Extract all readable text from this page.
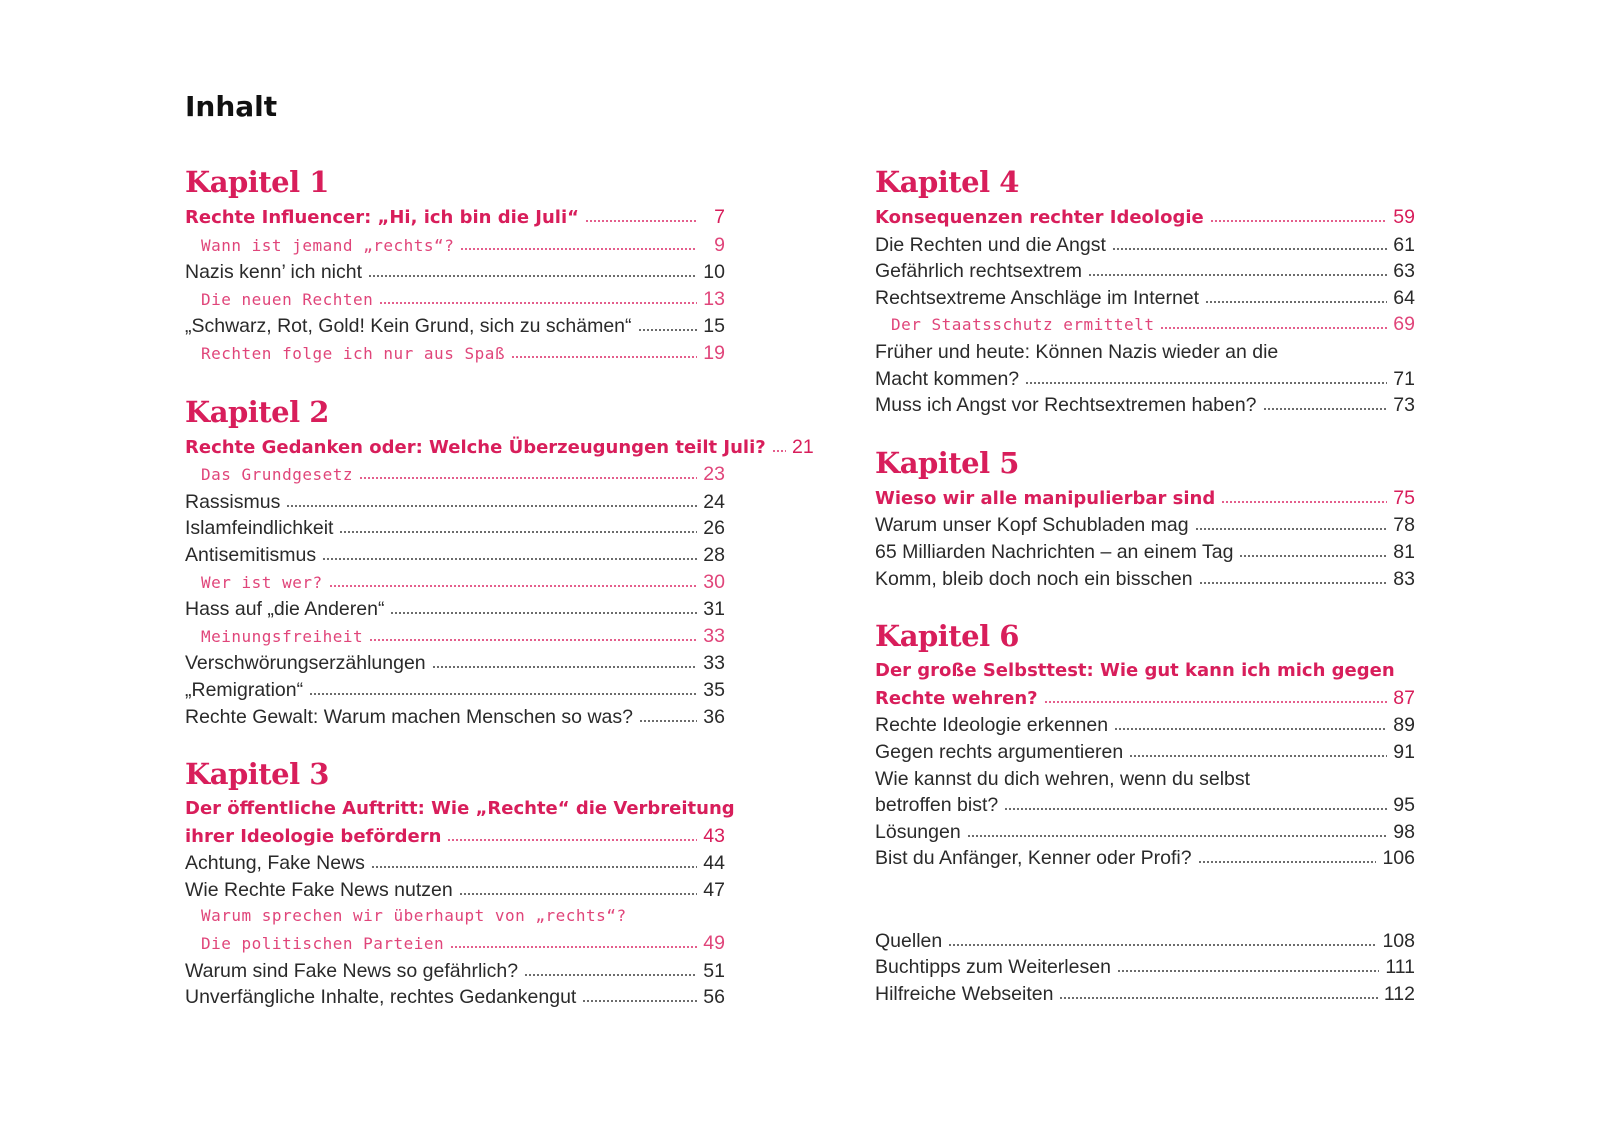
Inhalt
Kapitel 1
Rechte Influencer: „Hi, ich bin die Juli“	7
Wann ist jemand „rechts“?	9
Nazis kenn’ ich nicht	10
Die neuen Rechten	13
„Schwarz, Rot, Gold! Kein Grund, sich zu schämen“	15
Rechten folge ich nur aus Spaß	19
Kapitel 2
Rechte Gedanken oder: Welche Überzeugungen teilt Juli? 21
Das Grundgesetz	23
Rassismus	24
Islamfeindlichkeit	26
Antisemitismus	28
Wer ist wer?	30
Hass auf „die Anderen“	31
Meinungsfreiheit	33
Verschwörungserzählungen	33
„Remigration“	35
Rechte Gewalt: Warum machen Menschen so was?	36
Kapitel 3
Der öffentliche Auftritt: Wie „Rechte“ die Verbreitung
ihrer Ideologie befördern	43
Achtung, Fake News	44
Wie Rechte Fake News nutzen	47
Warum sprechen wir überhaupt von „rechts“?
Die politischen Parteien	49
Warum sind Fake News so gefährlich?	51
Unverfängliche Inhalte, rechtes Gedankengut	56
Kapitel 4
Konsequenzen rechter Ideologie	59
Die Rechten und die Angst	61
Gefährlich rechtsextrem	63
Rechtsextreme Anschläge im Internet	64
Der Staatsschutz ermittelt	69
Früher und heute: Können Nazis wieder an die
Macht kommen?	71
Muss ich Angst vor Rechtsextremen haben?	73
Kapitel 5
Wieso wir alle manipulierbar sind	75
Warum unser Kopf Schubladen mag	78
65 Milliarden Nachrichten – an einem Tag	81
Komm, bleib doch noch ein bisschen	83
Kapitel 6
Der große Selbsttest: Wie gut kann ich mich gegen
Rechte wehren?	87
Rechte Ideologie erkennen	89
Gegen rechts argumentieren	91
Wie kannst du dich wehren, wenn du selbst
betroffen bist?	95
Lösungen	98
Bist du Anfänger, Kenner oder Profi?	106
Quellen	108
Buchtipps zum Weiterlesen	111
Hilfreiche Webseiten	112
